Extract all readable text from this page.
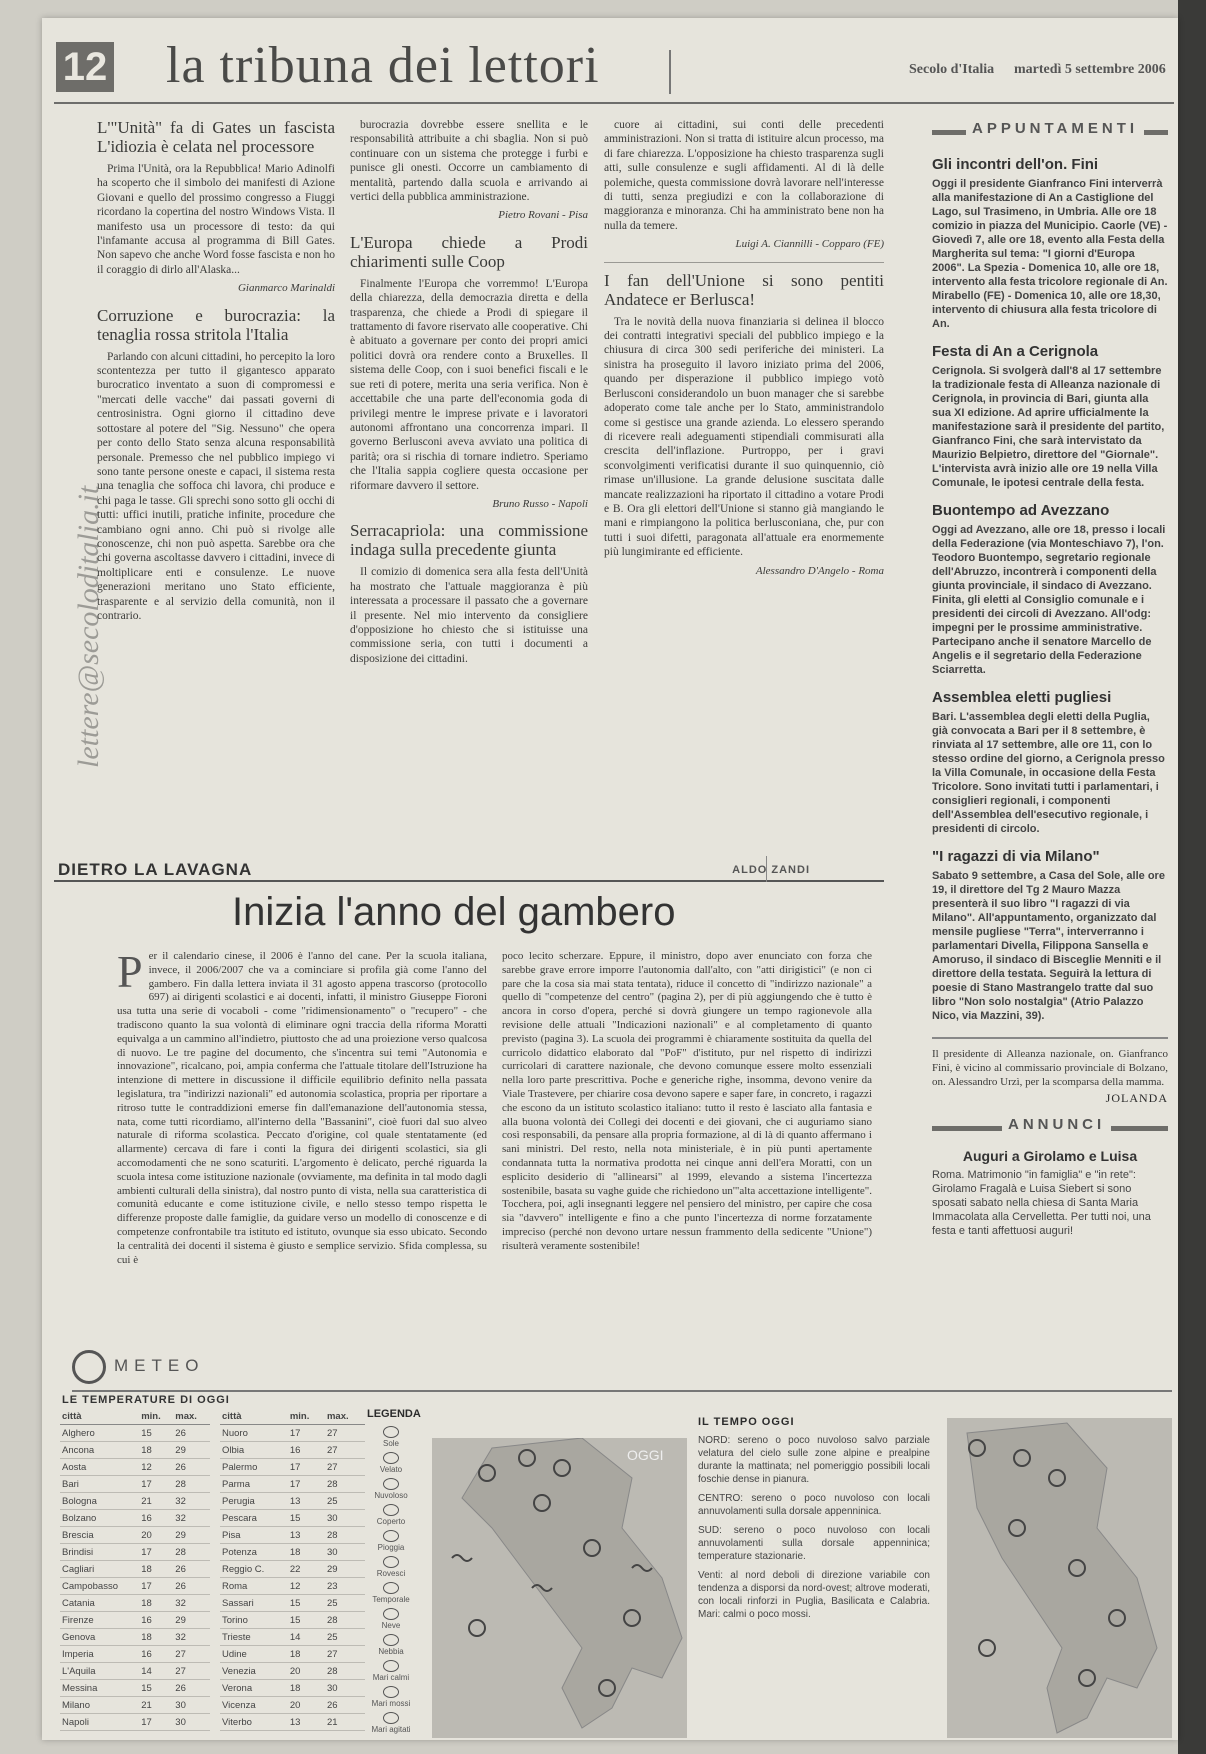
12 la tribuna dei lettori	Secolo d'Italia martedì 5 settembre 2006
lettere@secoloditalia.it
L'"Unità" fa di Gates un fascista L'idiozia è celata nel processore

Prima l'Unità, ora la Repubblica! Mario Adinolfi ha scoperto che il simbolo dei manifesti di Azione Giovani e quello del prossimo congresso a Fiuggi ricordano la copertina del nostro Windows Vista. Il manifesto usa un processore di testo: da qui l'infamante accusa al programma di Bill Gates. Non sapevo che anche Word fosse fascista e non ho il coraggio di dirlo all'Alaska...

Gianmarco Marinaldi
Corruzione e burocrazia: la tenaglia rossa stritola l'Italia

Parlando con alcuni cittadini, ho percepito la loro scontentezza per tutto il gigantesco apparato burocratico inventato a suon di compromessi e "mercati delle vacche" dai passati governi di centrosinistra. Ogni giorno il cittadino deve sottostare al potere del "Sig. Nessuno" che opera per conto dello Stato senza alcuna responsabilità personale. Premesso che nel pubblico impiego vi sono tante persone oneste e capaci, il sistema resta una tenaglia che soffoca chi lavora, chi produce e chi paga le tasse. Gli sprechi sono sotto gli occhi di tutti: uffici inutili, pratiche infinite, procedure che cambiano ogni anno. Chi può si rivolge alle conoscenze, chi non può aspetta. Sarebbe ora che chi governa ascoltasse davvero i cittadini, invece di moltiplicare enti e consulenze. Le nuove generazioni meritano uno Stato efficiente, trasparente e al servizio della comunità, non il contrario.

burocrazia dovrebbe essere snellita e le responsabilità attribuite a chi sbaglia. Non si può continuare con un sistema che protegge i furbi e punisce gli onesti. Occorre un cambiamento di mentalità, partendo dalla scuola e arrivando ai vertici della pubblica amministrazione.

Pietro Rovani - Pisa
L'Europa chiede a Prodi chiarimenti sulle Coop

Finalmente l'Europa che vorremmo! L'Europa della chiarezza, della democrazia diretta e della trasparenza, che chiede a Prodi di spiegare il trattamento di favore riservato alle cooperative. Chi è abituato a governare per conto dei propri amici politici dovrà ora rendere conto a Bruxelles. Il sistema delle Coop, con i suoi benefici fiscali e le sue reti di potere, merita una seria verifica. Non è accettabile che una parte dell'economia goda di privilegi mentre le imprese private e i lavoratori autonomi affrontano una concorrenza impari. Il governo Berlusconi aveva avviato una politica di parità; ora si rischia di tornare indietro. Speriamo che l'Italia sappia cogliere questa occasione per riformare davvero il settore.

Bruno Russo - Napoli
Serracapriola: una commissione indaga sulla precedente giunta

Il comizio di domenica sera alla festa dell'Unità ha mostrato che l'attuale maggioranza è più interessata a processare il passato che a governare il presente. Nel mio intervento da consigliere d'opposizione ho chiesto che si istituisse una commissione seria, con tutti i documenti a disposizione dei cittadini.

cuore ai cittadini, sui conti delle precedenti amministrazioni. Non si tratta di istituire alcun processo, ma di fare chiarezza. L'opposizione ha chiesto trasparenza sugli atti, sulle consulenze e sugli affidamenti. Al di là delle polemiche, questa commissione dovrà lavorare nell'interesse di tutti, senza pregiudizi e con la collaborazione di maggioranza e minoranza. Chi ha amministrato bene non ha nulla da temere.

Luigi A. Ciannilli - Copparo (FE)
I fan dell'Unione si sono pentiti Andatece er Berlusca!

Tra le novità della nuova finanziaria si delinea il blocco dei contratti integrativi speciali del pubblico impiego e la chiusura di circa 300 sedi periferiche dei ministeri. La sinistra ha proseguito il lavoro iniziato prima del 2006, quando per disperazione il pubblico impiego votò Berlusconi considerandolo un buon manager che si sarebbe adoperato come tale anche per lo Stato, amministrandolo come si gestisce una grande azienda. Lo elessero sperando di ricevere reali adeguamenti stipendiali commisurati alla crescita dell'inflazione. Purtroppo, per i gravi sconvolgimenti verificatisi durante il suo quinquennio, ciò rimase un'illusione. La grande delusione suscitata dalle mancate realizzazioni ha riportato il cittadino a votare Prodi e B. Ora gli elettori dell'Unione si stanno già mangiando le mani e rimpiangono la politica berlusconiana, che, pur con tutti i suoi difetti, paragonata all'attuale era enormemente più lungimirante ed efficiente.

Alessandro D'Angelo - Roma
APPUNTAMENTI
Gli incontri dell'on. Fini
Oggi il presidente Gianfranco Fini interverrà alla manifestazione di An a Castiglione del Lago, sul Trasimeno, in Umbria. Alle ore 18 comizio in piazza del Municipio. Caorle (VE) - Giovedì 7, alle ore 18, evento alla Festa della Margherita sul tema: "I giorni d'Europa 2006". La Spezia - Domenica 10, alle ore 18, intervento alla festa tricolore regionale di An. Mirabello (FE) - Domenica 10, alle ore 18,30, intervento di chiusura alla festa tricolore di An.
Festa di An a Cerignola
Cerignola. Si svolgerà dall'8 al 17 settembre la tradizionale festa di Alleanza nazionale di Cerignola, in provincia di Bari, giunta alla sua XI edizione. Ad aprire ufficialmente la manifestazione sarà il presidente del partito, Gianfranco Fini, che sarà intervistato da Maurizio Belpietro, direttore del "Giornale". L'intervista avrà inizio alle ore 19 nella Villa Comunale, le ipotesi centrale della festa.
Buontempo ad Avezzano
Oggi ad Avezzano, alle ore 18, presso i locali della Federazione (via Monteschiavo 7), l'on. Teodoro Buontempo, segretario regionale dell'Abruzzo, incontrerà i componenti della giunta provinciale, il sindaco di Avezzano. Finita, gli eletti al Consiglio comunale e i presidenti dei circoli di Avezzano. All'odg: impegni per le prossime amministrative. Partecipano anche il senatore Marcello de Angelis e il segretario della Federazione Sciarretta.
Assemblea eletti pugliesi
Bari. L'assemblea degli eletti della Puglia, già convocata a Bari per il 8 settembre, è rinviata al 17 settembre, alle ore 11, con lo stesso ordine del giorno, a Cerignola presso la Villa Comunale, in occasione della Festa Tricolore. Sono invitati tutti i parlamentari, i consiglieri regionali, i componenti dell'Assemblea dell'esecutivo regionale, i presidenti di circolo.
"I ragazzi di via Milano"
Sabato 9 settembre, a Casa del Sole, alle ore 19, il direttore del Tg 2 Mauro Mazza presenterà il suo libro "I ragazzi di via Milano". All'appuntamento, organizzato dal mensile pugliese "Terra", interverranno i parlamentari Divella, Filippona Sansella e Amoruso, il sindaco di Bisceglie Menniti e il direttore della testata. Seguirà la lettura di poesie di Stano Mastrangelo tratte dal suo libro "Non solo nostalgia" (Atrio Palazzo Nico, via Mazzini, 39).
Il presidente di Alleanza nazionale, on. Gianfranco Fini, è vicino al commissario provinciale di Bolzano, on. Alessandro Urzì, per la scomparsa della mamma.
JOLANDA
ANNUNCI
Auguri a Girolamo e Luisa
Roma. Matrimonio "in famiglia" e "in rete": Girolamo Fragalà e Luisa Siebert si sono sposati sabato nella chiesa di Santa Maria Immacolata alla Cervelletta. Per tutti noi, una festa e tanti affettuosi auguri!
DIETRO LA LAVAGNA	ALDO ZANDI
Inizia l'anno del gambero
Per il calendario cinese, il 2006 è l'anno del cane. Per la scuola italiana, invece, il 2006/2007 che va a cominciare si profila già come l'anno del gambero. Fin dalla lettera inviata il 31 agosto appena trascorso (protocollo 697) ai dirigenti scolastici e ai docenti, infatti, il ministro Giuseppe Fioroni usa tutta una serie di vocaboli - come "ridimensionamento" o "recupero" - che tradiscono quanto la sua volontà di eliminare ogni traccia della riforma Moratti equivalga a un cammino all'indietro, piuttosto che ad una proiezione verso qualcosa di nuovo. Le tre pagine del documento, che s'incentra sui temi "Autonomia e innovazione", ricalcano, poi, ampia conferma che l'attuale titolare dell'Istruzione ha intenzione di mettere in discussione il difficile equilibrio definito nella passata legislatura, tra "indirizzi nazionali" ed autonomia scolastica, propria per riportare a ritroso tutte le contraddizioni emerse fin dall'emanazione dell'autonomia stessa, nata, come tutti ricordiamo, all'interno della "Bassanini", cioè fuori dal suo alveo naturale di riforma scolastica. Peccato d'origine, col quale stentatamente (ed allarmente) cercava di fare i conti la figura dei dirigenti scolastici, sia gli accomodamenti che ne sono scaturiti. L'argomento è delicato, perché riguarda la scuola intesa come istituzione nazionale (ovviamente, ma definita in tal modo dagli ambienti culturali della sinistra), dal nostro punto di vista, nella sua caratteristica di comunità educante e come istituzione civile, e nello stesso tempo rispetta le differenze proposte dalle famiglie, da guidare verso un modello di conoscenze e di competenze confrontabile tra istituto ed istituto, ovunque sia esso ubicato. Secondo la centralità dei docenti il sistema è giusto e semplice servizio. Sfida complessa, su cui è
poco lecito scherzare. Eppure, il ministro, dopo aver enunciato con forza che sarebbe grave errore imporre l'autonomia dall'alto, con "atti dirigistici" (e non ci pare che la cosa sia mai stata tentata), riduce il concetto di "indirizzo nazionale" a quello di "competenze del centro" (pagina 2), per di più aggiungendo che è tutto è ancora in corso d'opera, perché si dovrà giungere un tempo ragionevole alla revisione delle attuali "Indicazioni nazionali" e al completamento di quanto previsto (pagina 3). La scuola dei programmi è chiaramente sostituita da quella del curricolo didattico elaborato dal "PoF" d'istituto, pur nel rispetto di indirizzi curricolari di carattere nazionale, che devono comunque essere molto essenziali nella loro parte prescrittiva. Poche e generiche righe, insomma, devono venire da Viale Trastevere, per chiarire cosa devono sapere e saper fare, in concreto, i ragazzi che escono da un istituto scolastico italiano: tutto il resto è lasciato alla fantasia e alla buona volontà dei Collegi dei docenti e dei giovani, che ci auguriamo siano così responsabili, da pensare alla propria formazione, al di là di quanto affermano i sani ministri. Del resto, nella nota ministeriale, è in più punti apertamente condannata tutta la normativa prodotta nei cinque anni dell'era Moratti, con un esplicito desiderio di "allinearsi" al 1999, elevando a sistema l'incertezza sostenibile, basata su vaghe guide che richiedono un'"alta accettazione intelligente". Tocchera, poi, agli insegnanti leggere nel pensiero del ministro, per capire che cosa sia "davvero" intelligente e fino a che punto l'incertezza di norme forzatamente impreciso (perché non devono urtare nessun frammento della sedicente "Unione") risulterà veramente sostenibile!
METEO
LE TEMPERATURE DI OGGI
città	min.	max.
Alghero	15	26
Ancona	18	29
Aosta	12	26
Bari	17	28
Bologna	21	32
Bolzano	16	32
Brescia	20	29
Brindisi	17	28
Cagliari	18	26
Campobasso	17	26
Catania	18	32
Firenze	16	29
Genova	18	32
Imperia	16	27
L'Aquila	14	27
Messina	15	26
Milano	21	30
Napoli	17	30
città	min.	max.
Nuoro	17	27
Olbia	16	27
Palermo	17	27
Parma	17	28
Perugia	13	25
Pescara	15	30
Pisa	13	28
Potenza	18	30
Reggio C.	22	29
Roma	12	23
Sassari	15	25
Torino	15	28
Trieste	14	25
Udine	18	27
Venezia	20	28
Verona	18	30
Vicenza	20	26
Viterbo	13	21
LEGENDA
Sole
Velato
Nuvoloso
Coperto
Pioggia
Rovesci
Temporale
Neve
Nebbia
Mari calmi
Mari mossi
Mari agitati
OGGI
IL TEMPO OGGI

NORD: sereno o poco nuvoloso salvo parziale velatura del cielo sulle zone alpine e prealpine durante la mattinata; nel pomeriggio possibili locali foschie dense in pianura.

CENTRO: sereno o poco nuvoloso con locali annuvolamenti sulla dorsale appenninica.

SUD: sereno o poco nuvoloso con locali annuvolamenti sulla dorsale appenninica; temperature stazionarie.

Venti: al nord deboli di direzione variabile con tendenza a disporsi da nord-ovest; altrove moderati, con locali rinforzi in Puglia, Basilicata e Calabria. Mari: calmi o poco mossi.
